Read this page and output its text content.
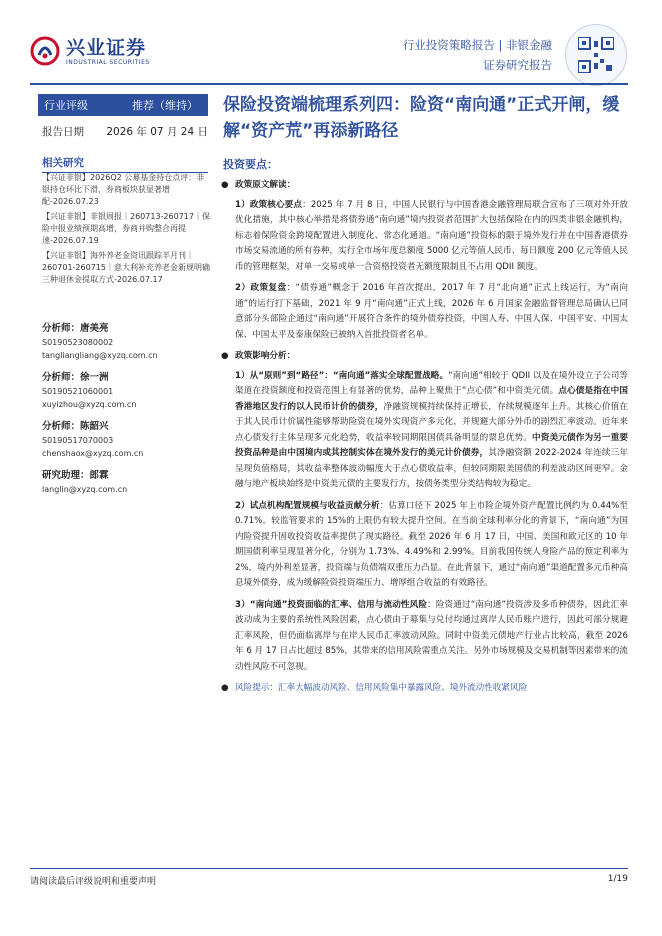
兴业证券
INDUSTRIAL SECURITIES
行业投资策略报告 | 非银金融
证券研究报告
行业评级	推荐（维持）
报告日期 2026 年 07 月 24 日
相关研究
【兴证非银】2026Q2 公募基金持仓点评：非银持仓环比下滑，券商板块获显著增配-2026.07.23
【兴证非银】非银周报｜260713-260717｜保险中报业绩预期高增，券商并购整合再提速-2026.07.19
【兴证非银】海外养老金资讯跟踪半月刊｜260701-260715｜意大利补充养老金新规明确三种退休金提取方式-2026.07.17
分析师：唐美亮
S0190523080002
tangliangliang@xyzq.com.cn
分析师：徐一洲
S0190521060001
xuyizhou@xyzq.com.cn
分析师：陈韶兴
S0190517070003
chenshaox@xyzq.com.cn
研究助理：郎霖
langlin@xyzq.com.cn
保险投资端梳理系列四：险资“南向通”正式开闸，缓解“资产荒”再添新路径
投资要点：
● 政策原文解读：

1）政策核心要点：2025 年 7 月 8 日，中国人民银行与中国香港金融管理局联合宣布了三项对外开放优化措施，其中核心举措是将债券通“南向通”境内投资者范围扩大包括保险在内的四类非银金融机构，标志着保险资金跨境配置进入制度化、常态化通道。“南向通”投资标的限于境外发行并在中国香港债券市场交易流通的所有券种，实行全市场年度总额度 5000 亿元等值人民币、每日额度 200 亿元等值人民币的管理框架，对单一交易或单一合资格投资者无额度限制且不占用 QDII 额度。

2）政策复盘：“债券通”概念于 2016 年首次提出，2017 年 7 月“北向通”正式上线运行，为“南向通”的运行打下基础，2021 年 9 月“南向通”正式上线，2026 年 6 月国家金融监督管理总局确认已同意部分头部险企通过“南向通”开展符合条件的境外债券投资，中国人寿、中国人保、中国平安、中国太保、中国太平及泰康保险已被纳入首批投资者名单。

● 政策影响分析：

1）从“原则”到“路径”：“南向通”落实全球配置战略。“南向通”相较于 QDII 以及在境外设立子公司等渠道在投资额度和投资范围上有显著的优势，品种上聚焦于“点心债”和中资美元债。点心债是指在中国香港地区发行的以人民币计价的债券，净融资规模持续保持正增长，存续规模逐年上升。其核心价值在于其人民币计价属性能够帮助险资在境外实现资产多元化，并规避大部分外币的剧烈汇率波动。近年来点心债发行主体呈现多元化趋势，收益率较同期限国债具备明显的票息优势。中资美元债作为另一重要投资品种是由中国境内或其控制实体在境外发行的美元计价债券，其净融资额 2022-2024 年连续三年呈现负值格局，其收益率整体波动幅度大于点心债收益率，但较同期限美国债的利差波动区间更窄。金融与地产板块始终是中资美元债的主要发行方，按债务类型分类结构较为稳定。

2）试点机构配置规模与收益贡献分析：估算口径下 2025 年上市险企境外资产配置比例约为 0.44%至 0.71%。较监管要求的 15%的上限仍有较大提升空间。在当前全球利率分化的背景下，“南向通”为国内险资提升固收投资收益率提供了现实路径。截至 2026 年 6 月 17 日，中国、美国和欧元区的 10 年期国债利率呈现显著分化，分别为 1.73%、4.49%和 2.99%。目前我国传统人身险产品的预定利率为 2%，境内外利差显著，投资端与负债端双重压力凸显。在此背景下，通过“南向通”渠道配置多元币种高息境外债券，成为缓解险资投资端压力、增厚组合收益的有效路径。

3）“南向通”投资面临的汇率、信用与流动性风险：险资通过“南向通”投资涉及多币种债券，因此汇率波动成为主要的系统性风险因素，点心债由于募集与兑付均通过离岸人民币账户进行，因此可部分规避汇率风险，但仍面临离岸与在岸人民币汇率波动风险。同时中资美元债地产行业占比较高，截至 2026 年 6 月 17 日占比超过 85%，其带来的信用风险需重点关注。另外市场规模及交易机制等因素带来的流动性风险不可忽视。

● 风险提示：汇率大幅波动风险、信用风险集中暴露风险、境外流动性收紧风险
请阅读最后评级说明和重要声明	1/19
